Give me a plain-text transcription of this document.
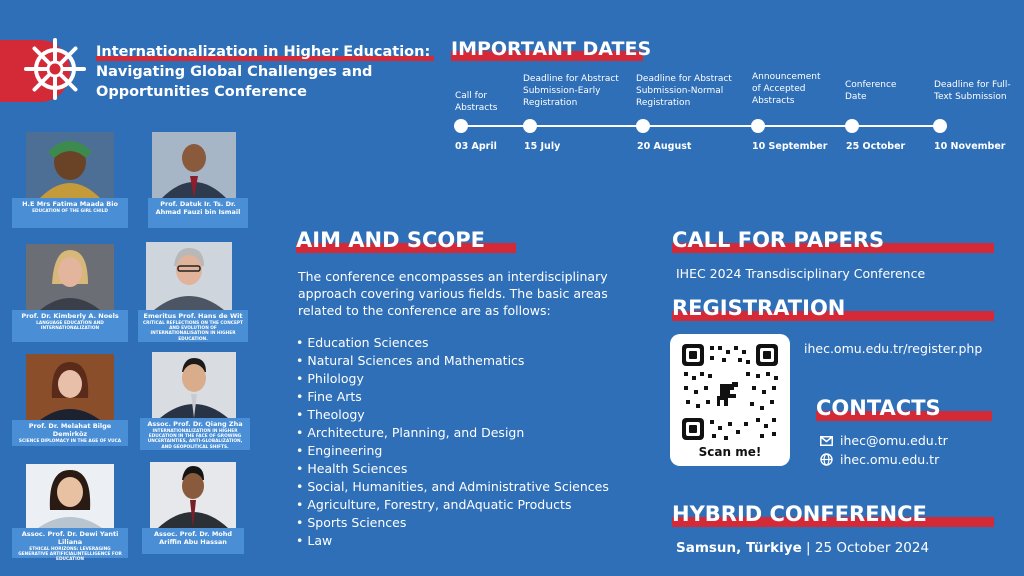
Internationalization in Higher Education:
Navigating Global Challenges and
Opportunities Conference
IMPORTANT DATES
Call for Abstracts
Deadline for Abstract Submission-Early Registration
Deadline for Abstract Submission-Normal Registration
Announcement of Accepted Abstracts
Conference Date
Deadline for Full-Text Submission
03 April	15 July	20 August	10 September 25 October	10 November
H.E Mrs Fatima Maada Bio
EDUCATION OF THE GIRL CHILD
Prof. Datuk Ir. Ts. Dr. Ahmad Fauzi bin Ismail
Prof. Dr. Kimberly A. Noels
LANGUAGE EDUCATION AND INTERNATIONALIZATION
Emeritus Prof. Hans de Wit
CRITICAL REFLECTIONS ON THE CONCEPT AND EVOLUTION OF INTERNATIONALISATION IN HIGHER EDUCATION.
Prof. Dr. Melahat Bilge Demirköz
SCIENCE DIPLOMACY IN THE AGE OF VUCA
Assoc. Prof. Dr. Qiang Zha
INTERNATIONALIZATION IN HIGHER EDUCATION IN THE FACE OF GROWING UNCERTAINTIES, ANTI-GLOBALIZATION, AND GEOPOLITICAL SHIFTS.
Assoc. Prof. Dr. Dewi Yanti Liliana
ETHICAL HORIZONS: LEVERAGING GENERATIVE ARTIFICIALINTELLIGENCE FOR EDUCATION
Assoc. Prof. Dr. Mohd Ariffin Abu Hassan
AIM AND SCOPE
The conference encompasses an interdisciplinary approach covering various fields. The basic areas related to the conference are as follows:
• Education Sciences
• Natural Sciences and Mathematics
• Philology
• Fine Arts
• Theology
• Architecture, Planning, and Design
• Engineering
• Health Sciences
• Social, Humanities, and Administrative Sciences
• Agriculture, Forestry, andAquatic Products
• Sports Sciences
• Law
CALL FOR PAPERS
IHEC 2024 Transdisciplinary Conference
REGISTRATION
Scan me!
ihec.omu.edu.tr/register.php
CONTACTS
ihec@omu.edu.tr
ihec.omu.edu.tr
HYBRID CONFERENCE
Samsun, Türkiye | 25 October 2024
